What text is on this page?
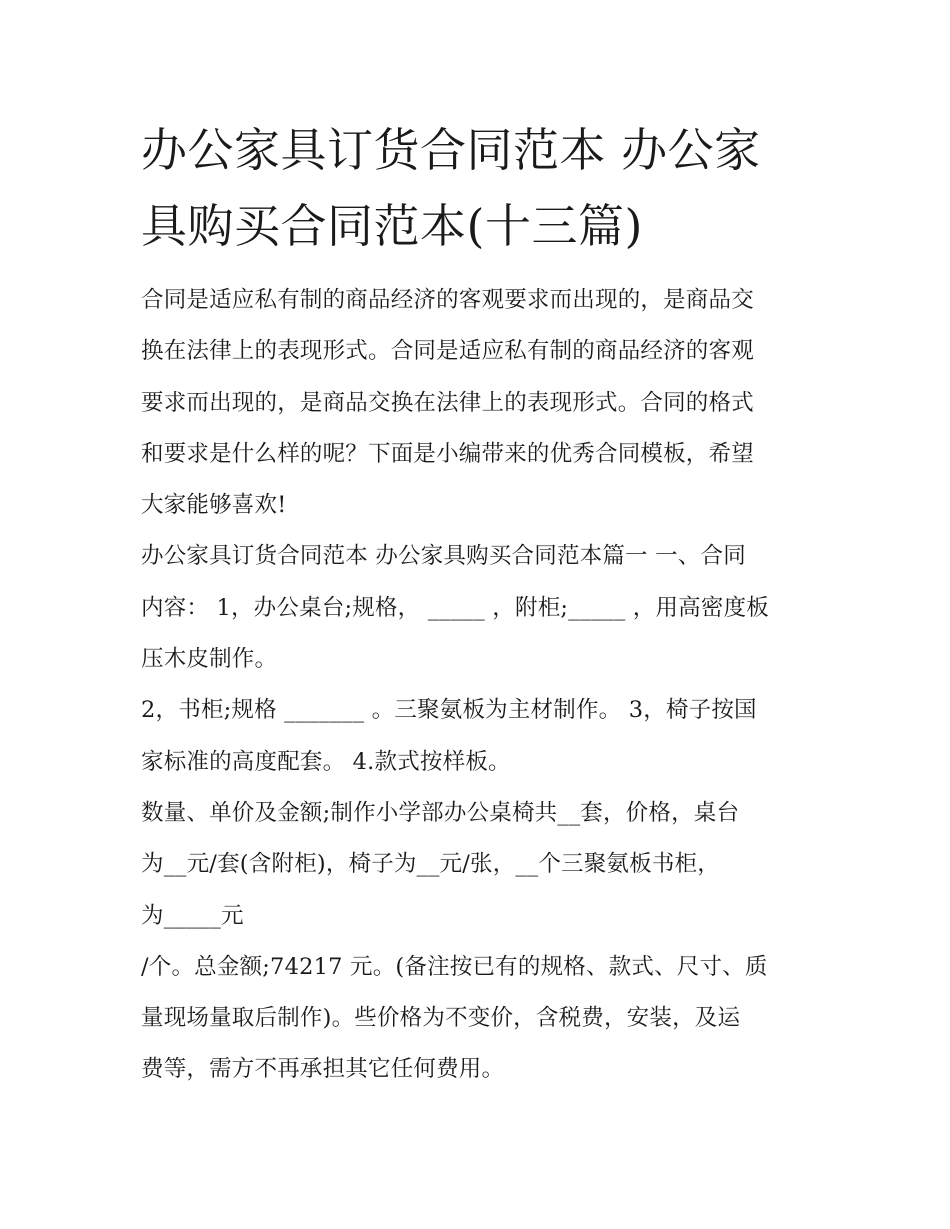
办公家具订货合同范本 办公家
具购买合同范本(十三篇)

合同是适应私有制的商品经济的客观要求而出现的，是商品交
换在法律上的表现形式。合同是适应私有制的商品经济的客观
要求而出现的，是商品交换在法律上的表现形式。合同的格式
和要求是什么样的呢？下面是小编带来的优秀合同模板，希望
大家能够喜欢!

办公家具订货合同范本 办公家具购买合同范本篇一 一、合同
内容： 1，办公桌台;规格， _____ ，附柜;_____ ，用高密度板
压木皮制作。

2，书柜;规格 _______ 。三聚氨板为主材制作。 3，椅子按国
家标准的高度配套。 4.款式按样板。

数量、单价及金额;制作小学部办公桌椅共__套，价格，桌台
为__元/套(含附柜)，椅子为__元/张，__个三聚氨板书柜，
为_____元

/个。总金额;74217 元。(备注按已有的规格、款式、尺寸、质
量现场量取后制作)。些价格为不变价，含税费，安装，及运
费等，需方不再承担其它任何费用。
